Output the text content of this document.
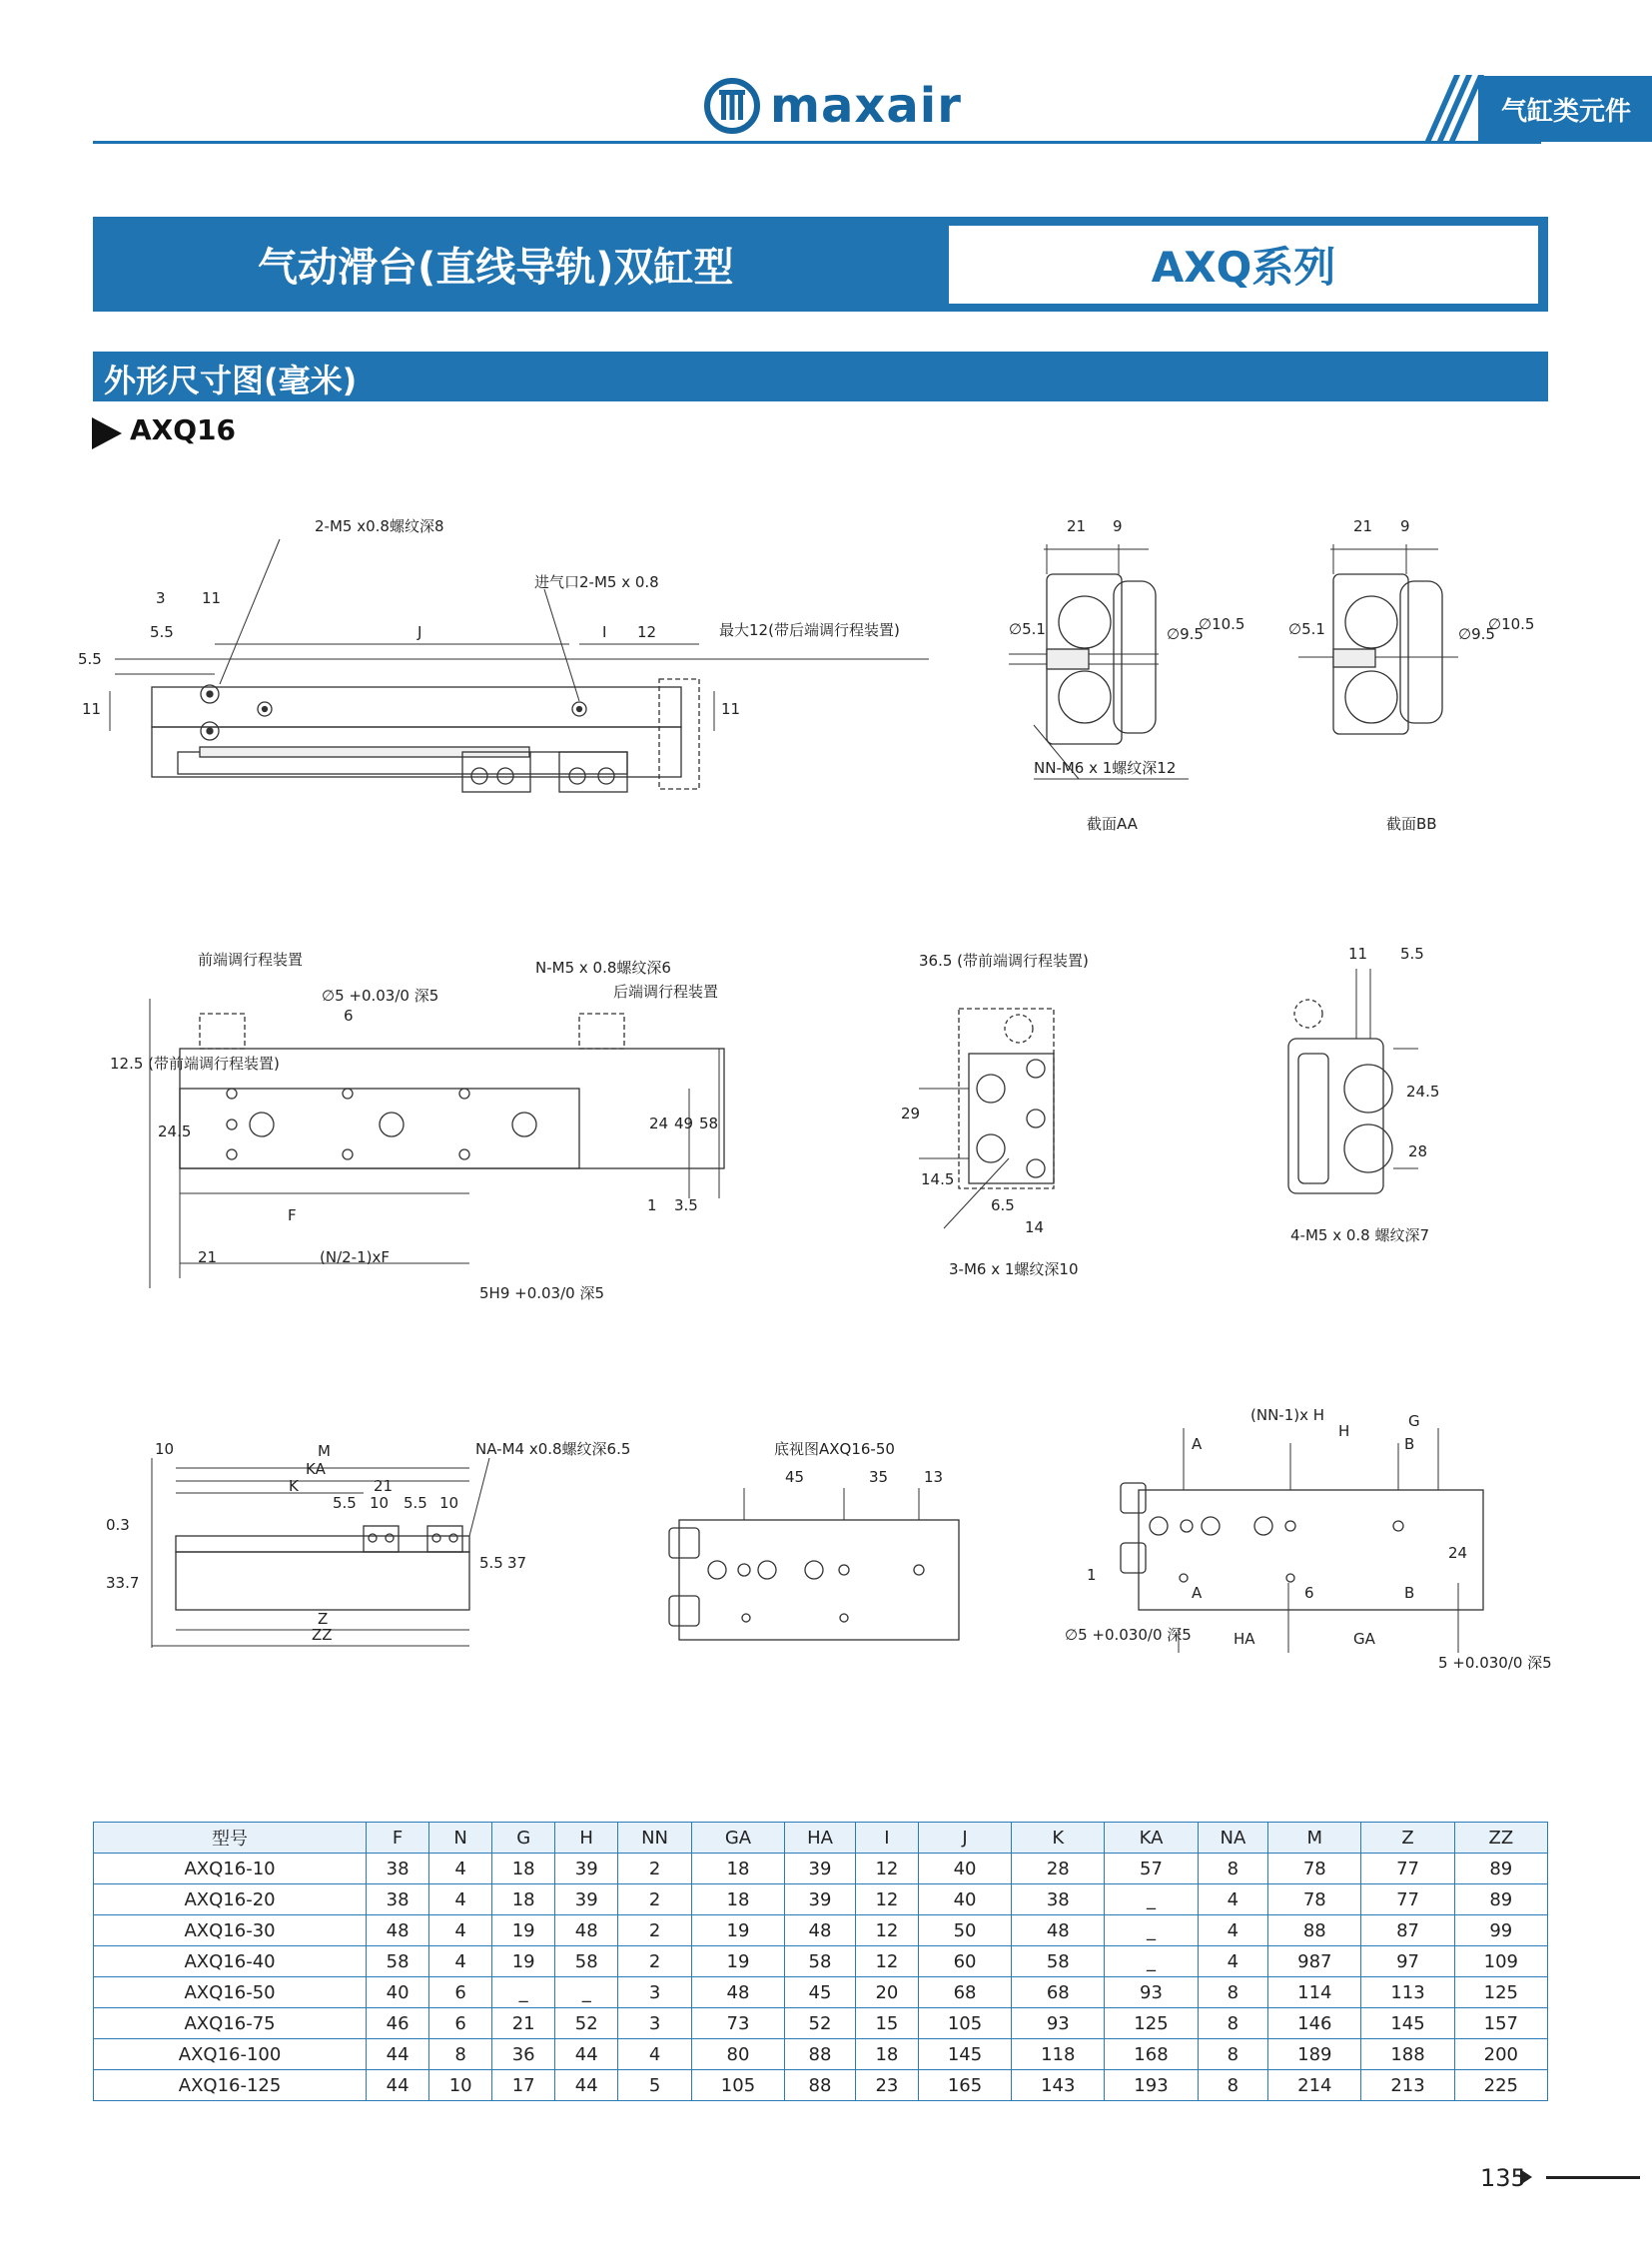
maxair	气缸类元件
气动滑台(直线导轨)双缸型	AXQ系列
外形尺寸图(毫米)
AXQ16
2-M5 x0.8螺纹深8
进气口2-M5 x 0.8
最大12(带后端调行程装置)
3 11
5.5	J	I 12
5.5
11	11
21 9
∅5.1	∅9.5
∅10.5
NN-M6 x 1螺纹深12
截面AA
21 9
∅5.1	∅9.5
∅10.5
截面BB
前端调行程装置
∅5 +0.03/0 深5
N-M5 x 0.8螺纹深6
后端调行程装置
6
F
21	(N/2-1)xF
24.5
12.5 (带前端调行程装置)
24 49 58
1 3.5
5H9 +0.03/0 深5
36.5 (带前端调行程装置)
29
14.5
6.5
14
3-M6 x 1螺纹深10
11 5.5
24.5
28
4-M5 x 0.8 螺纹深7
10	M
KA
K	21
5.5 10 5.5 10
NA-M4 x0.8螺纹深6.5
0.3
33.7
5.5 37
Z
ZZ
底视图AXQ16-50
45	35 13
(NN-1)x H	G
A
H
B
A	6	B
HA	GA
1
24
∅5 +0.030/0 深5
5 +0.030/0 深5
型号	F	N	G	H	NN	GA	HA	I	J	K	KA	NA	M	Z	ZZ
AXQ16-10	38	4	18	39	2	18	39	12	40	28	57	8	78	77	89
AXQ16-20	38	4	18	39	2	18	39	12	40	38	_	4	78	77	89
AXQ16-30	48	4	19	48	2	19	48	12	50	48	_	4	88	87	99
AXQ16-40	58	4	19	58	2	19	58	12	60	58	_	4	987	97	109
AXQ16-50	40	6	_	_	3	48	45	20	68	68	93	8	114	113	125
AXQ16-75	46	6	21	52	3	73	52	15	105	93	125	8	146	145	157
AXQ16-100	44	8	36	44	4	80	88	18	145	118	168	8	189	188	200
AXQ16-125	44	10	17	44	5	105	88	23	165	143	193	8	214	213	225
135
